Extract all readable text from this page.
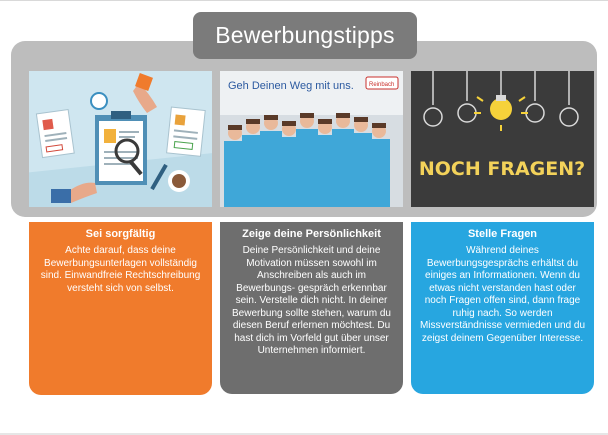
Bewerbungstipps
Geh Deinen Weg mit uns.	Reinbach
NOCH FRAGEN?
Sei sorgfältig

Achte darauf, dass deine Bewerbungsunterlagen vollständig sind. Einwandfreie Rechtschreibung versteht sich von selbst.

Zeige deine Persönlichkeit

Deine Persönlichkeit und deine Motivation müssen sowohl im Anschreiben als auch im Bewerbungs- gespräch erkennbar sein. Verstelle dich nicht. In deiner Bewerbung sollte stehen, warum du diesen Beruf erlernen möchtest. Du hast dich im Vorfeld gut über unser Unternehmen informiert.

Stelle Fragen

Während deines Bewerbungsgesprächs erhältst du einiges an Informationen. Wenn du etwas nicht verstanden hast oder noch Fragen offen sind, dann frage ruhig nach. So werden Missverständnisse vermieden und du zeigst deinem Gegenüber Interesse.
